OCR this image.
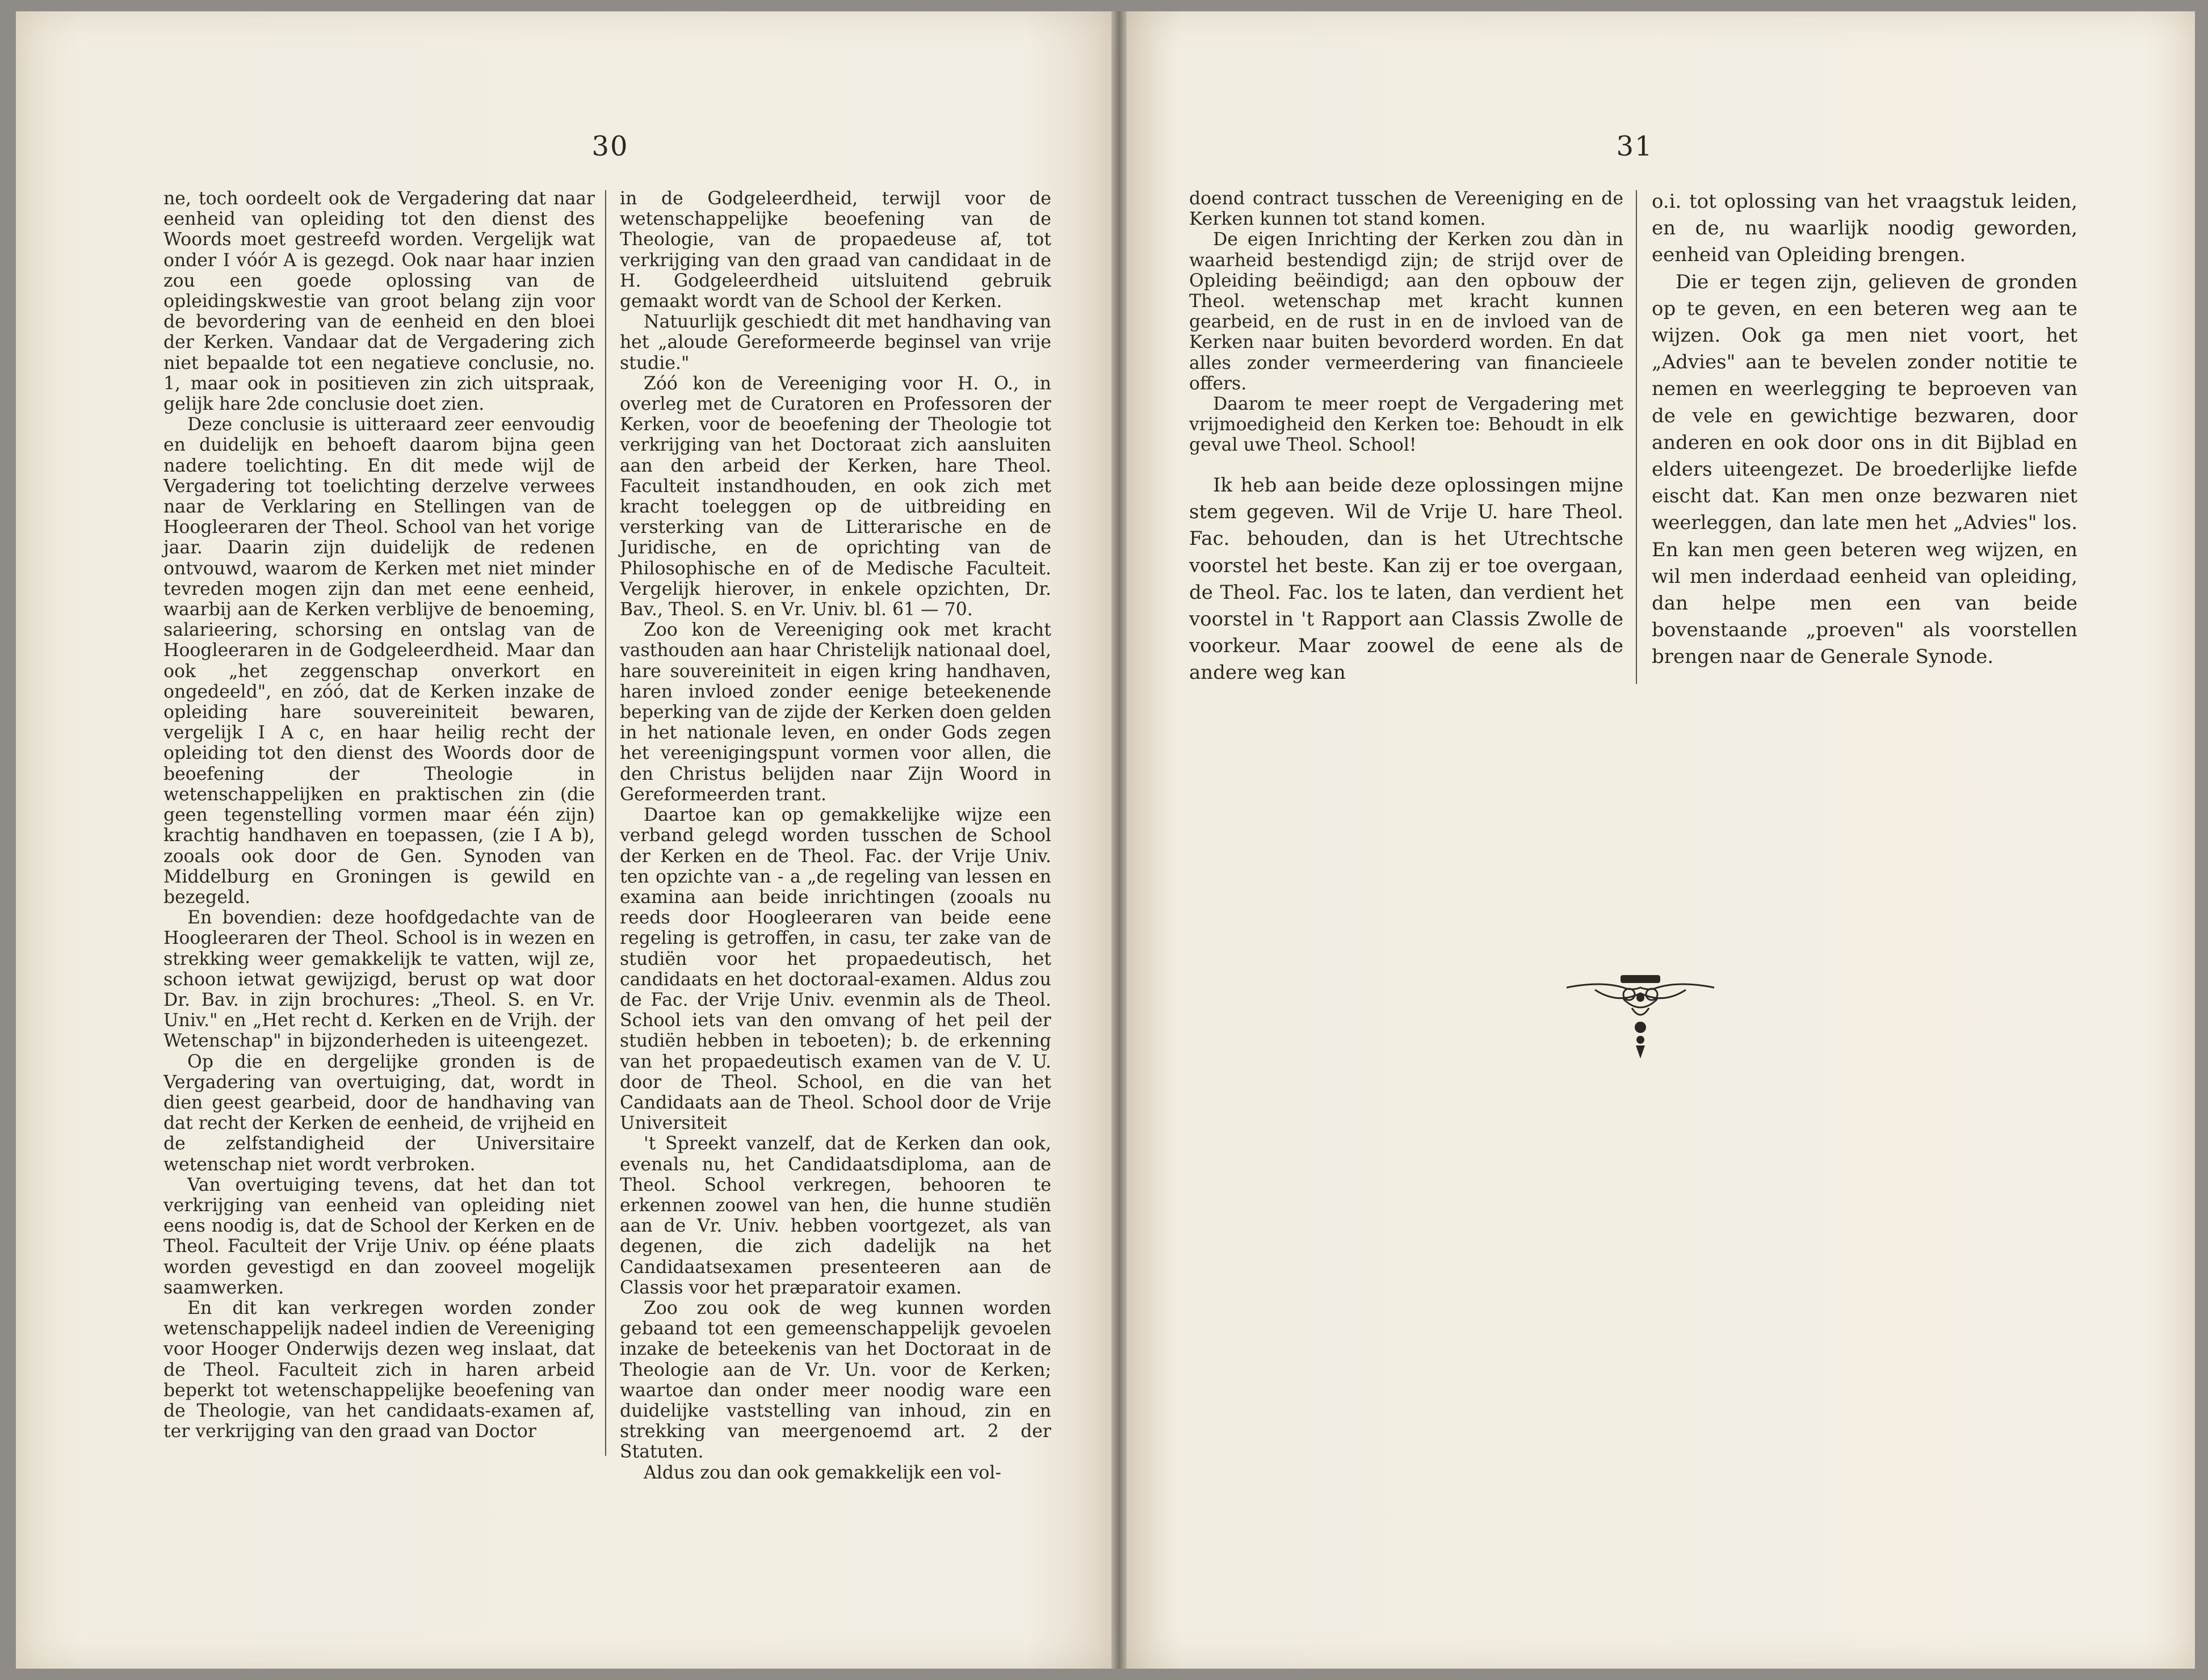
30	31

ne, toch oordeelt ook de Vergadering dat naar eenheid van opleiding tot den dienst des Woords moet gestreefd worden. Vergelijk wat onder I vóór A is gezegd. Ook naar haar inzien zou een goede oplossing van de opleidingskwestie van groot belang zijn voor de bevordering van de eenheid en den bloei der Kerken. Vandaar dat de Vergadering zich niet bepaalde tot een negatieve conclusie, no. 1, maar ook in positieven zin zich uitspraak, gelijk hare 2de conclusie doet zien.

Deze conclusie is uitteraard zeer eenvoudig en duidelijk en behoeft daarom bijna geen nadere toelichting. En dit mede wijl de Vergadering tot toelichting derzelve verwees naar de Verklaring en Stellingen van de Hoogleeraren der Theol. School van het vorige jaar. Daarin zijn duidelijk de redenen ontvouwd, waarom de Kerken met niet minder tevreden mogen zijn dan met eene eenheid, waarbij aan de Kerken verblijve de benoeming, salarieering, schorsing en ontslag van de Hoogleeraren in de Godgeleerdheid. Maar dan ook „het zeggenschap onverkort en ongedeeld", en zóó, dat de Kerken inzake de opleiding hare souvereiniteit bewaren, vergelijk I A c, en haar heilig recht der opleiding tot den dienst des Woords door de beoefening der Theologie in wetenschappelijken en praktischen zin (die geen tegenstelling vormen maar één zijn) krachtig handhaven en toepassen, (zie I A b), zooals ook door de Gen. Synoden van Middelburg en Groningen is gewild en bezegeld.

En bovendien: deze hoofdgedachte van de Hoogleeraren der Theol. School is in wezen en strekking weer gemakkelijk te vatten, wijl ze, schoon ietwat gewijzigd, berust op wat door Dr. Bav. in zijn brochures: „Theol. S. en Vr. Univ." en „Het recht d. Kerken en de Vrijh. der Wetenschap" in bijzonderheden is uiteengezet.

Op die en dergelijke gronden is de Vergadering van overtuiging, dat, wordt in dien geest gearbeid, door de handhaving van dat recht der Kerken de eenheid, de vrijheid en de zelfstandigheid der Universitaire wetenschap niet wordt verbroken.

Van overtuiging tevens, dat het dan tot verkrijging van eenheid van opleiding niet eens noodig is, dat de School der Kerken en de Theol. Faculteit der Vrije Univ. op ééne plaats worden gevestigd en dan zooveel mogelijk saamwerken.

En dit kan verkregen worden zonder wetenschappelijk nadeel indien de Vereeniging voor Hooger Onderwijs dezen weg inslaat, dat de Theol. Faculteit zich in haren arbeid beperkt tot wetenschappelijke beoefening van de Theologie, van het candidaats-examen af, ter verkrijging van den graad van Doctor

in de Godgeleerdheid, terwijl voor de wetenschappelijke beoefening van de Theologie, van de propaedeuse af, tot verkrijging van den graad van candidaat in de H. Godgeleerdheid uitsluitend gebruik gemaakt wordt van de School der Kerken.

Natuurlijk geschiedt dit met handhaving van het „aloude Gereformeerde beginsel van vrije studie."

Zóó kon de Vereeniging voor H. O., in overleg met de Curatoren en Professoren der Kerken, voor de beoefening der Theologie tot verkrijging van het Doctoraat zich aansluiten aan den arbeid der Kerken, hare Theol. Faculteit instandhouden, en ook zich met kracht toeleggen op de uitbreiding en versterking van de Litterarische en de Juridische, en de oprichting van de Philosophische en of de Medische Faculteit. Vergelijk hierover, in enkele opzichten, Dr. Bav., Theol. S. en Vr. Univ. bl. 61 — 70.

Zoo kon de Vereeniging ook met kracht vasthouden aan haar Christelijk nationaal doel, hare souvereiniteit in eigen kring handhaven, haren invloed zonder eenige beteekenende beperking van de zijde der Kerken doen gelden in het nationale leven, en onder Gods zegen het vereenigingspunt vormen voor allen, die den Christus belijden naar Zijn Woord in Gereformeerden trant.

Daartoe kan op gemakkelijke wijze een verband gelegd worden tusschen de School der Kerken en de Theol. Fac. der Vrije Univ. ten opzichte van - a „de regeling van lessen en examina aan beide inrichtingen (zooals nu reeds door Hoogleeraren van beide eene regeling is getroffen, in casu, ter zake van de studiën voor het propaedeutisch, het candidaats en het doctoraal-examen. Aldus zou de Fac. der Vrije Univ. evenmin als de Theol. School iets van den omvang of het peil der studiën hebben in teboeten); b. de erkenning van het propaedeutisch examen van de V. U. door de Theol. School, en die van het Candidaats aan de Theol. School door de Vrije Universiteit

't Spreekt vanzelf, dat de Kerken dan ook, evenals nu, het Candidaatsdiploma, aan de Theol. School verkregen, behooren te erkennen zoowel van hen, die hunne studiën aan de Vr. Univ. hebben voortgezet, als van degenen, die zich dadelijk na het Candidaatsexamen presenteeren aan de Classis voor het præparatoir examen.

Zoo zou ook de weg kunnen worden gebaand tot een gemeenschappelijk gevoelen inzake de beteekenis van het Doctoraat in de Theologie aan de Vr. Un. voor de Kerken; waartoe dan onder meer noodig ware een duidelijke vaststelling van inhoud, zin en strekking van meergenoemd art. 2 der Statuten.

Aldus zou dan ook gemakkelijk een vol-

doend contract tusschen de Vereeniging en de Kerken kunnen tot stand komen.

De eigen Inrichting der Kerken zou dàn in waarheid bestendigd zijn; de strijd over de Opleiding beëindigd; aan den opbouw der Theol. wetenschap met kracht kunnen gearbeid, en de rust in en de invloed van de Kerken naar buiten bevorderd worden. En dat alles zonder vermeerdering van financieele offers.

Daarom te meer roept de Vergadering met vrijmoedigheid den Kerken toe: Behoudt in elk geval uwe Theol. School!

Ik heb aan beide deze oplossingen mijne stem gegeven. Wil de Vrije U. hare Theol. Fac. behouden, dan is het Utrechtsche voorstel het beste. Kan zij er toe overgaan, de Theol. Fac. los te laten, dan verdient het voorstel in 't Rapport aan Classis Zwolle de voorkeur. Maar zoowel de eene als de andere weg kan

o.i. tot oplossing van het vraagstuk leiden, en de, nu waarlijk noodig geworden, eenheid van Opleiding brengen.

Die er tegen zijn, gelieven de gronden op te geven, en een beteren weg aan te wijzen. Ook ga men niet voort, het „Advies" aan te bevelen zonder notitie te nemen en weerlegging te beproeven van de vele en gewichtige bezwaren, door anderen en ook door ons in dit Bijblad en elders uiteengezet. De broederlijke liefde eischt dat. Kan men onze bezwaren niet weerleggen, dan late men het „Advies" los. En kan men geen beteren weg wijzen, en wil men inderdaad eenheid van opleiding, dan helpe men een van beide bovenstaande „proeven" als voorstellen brengen naar de Generale Synode.
